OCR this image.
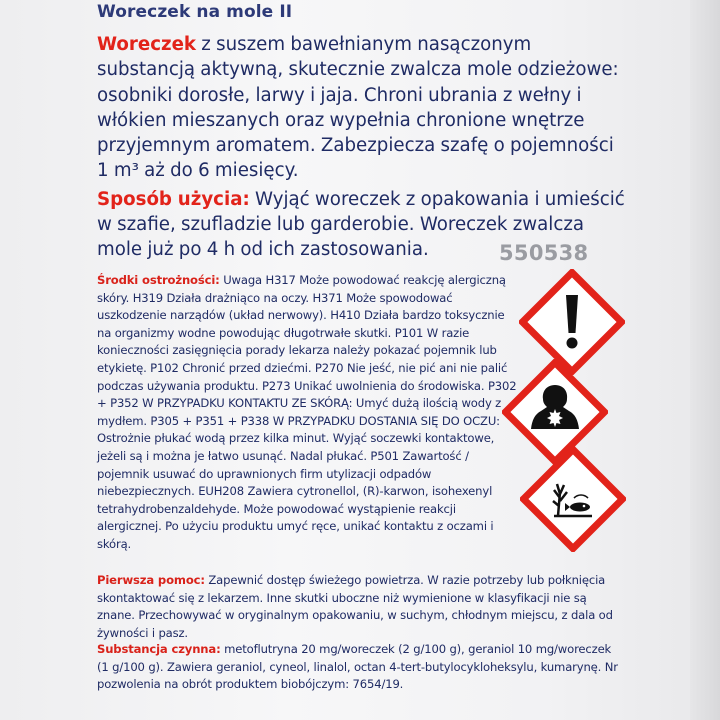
Woreczek na mole II
Woreczek z suszem bawełnianym nasączonym substancją aktywną, skutecznie zwalcza mole odzieżowe: osobniki dorosłe, larwy i jaja. Chroni ubrania z wełny i włókien mieszanych oraz wypełnia chronione wnętrze przyjemnym aromatem. Zabezpiecza szafę o pojemności 1 m³ aż do 6 miesięcy.
Sposób użycia: Wyjąć woreczek z opakowania i umieścić w szafie, szufladzie lub garderobie. Woreczek zwalcza mole już po 4 h od ich zastosowania.	550538
Środki ostrożności: Uwaga H317 Może powodować reakcję alergiczną skóry. H319 Działa drażniąco na oczy. H371 Może spowodować uszkodzenie narządów (układ nerwowy). H410 Działa bardzo toksycznie na organizmy wodne powodując długotrwałe skutki. P101 W razie konieczności zasięgnięcia porady lekarza należy pokazać pojemnik lub etykietę. P102 Chronić przed dziećmi. P270 Nie jeść, nie pić ani nie palić podczas używania produktu. P273 Unikać uwolnienia do środowiska. P302 + P352 W PRZYPADKU KONTAKTU ZE SKÓRĄ: Umyć dużą ilością wody z mydłem. P305 + P351 + P338 W PRZYPADKU DOSTANIA SIĘ DO OCZU: Ostrożnie płukać wodą przez kilka minut. Wyjąć soczewki kontaktowe, jeżeli są i można je łatwo usunąć. Nadal płukać. P501 Zawartość / pojemnik usuwać do uprawnionych firm utylizacji odpadów niebezpiecznych. EUH208 Zawiera cytronellol, (R)-karwon, isohexenyl tetrahydrobenzaldehyde. Może powodować wystąpienie reakcji alergicznej. Po użyciu produktu umyć ręce, unikać kontaktu z oczami i skórą.
Pierwsza pomoc: Zapewnić dostęp świeżego powietrza. W razie potrzeby lub połknięcia skontaktować się z lekarzem. Inne skutki uboczne niż wymienione w klasyfikacji nie są znane. Przechowywać w oryginalnym opakowaniu, w suchym, chłodnym miejscu, z dala od żywności i pasz.
Substancja czynna: metoflutryna 20 mg/woreczek (2 g/100 g), geraniol 10 mg/woreczek (1 g/100 g). Zawiera geraniol, cyneol, linalol, octan 4-tert-butylocykloheksylu, kumarynę. Nr pozwolenia na obrót produktem biobójczym: 7654/19.
